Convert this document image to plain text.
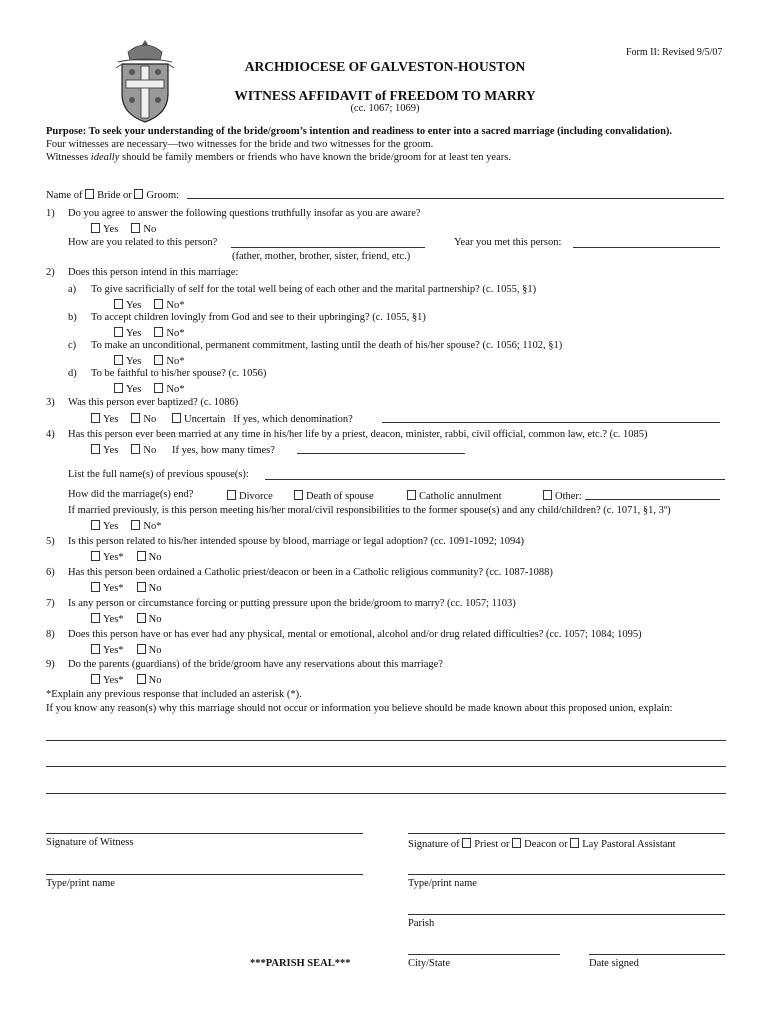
Form II: Revised 9/5/07
ARCHDIOCESE OF GALVESTON-HOUSTON
WITNESS AFFIDAVIT of FREEDOM TO MARRY
(cc. 1067; 1069)
Purpose: To seek your understanding of the bride/groom’s intention and readiness to enter into a sacred marriage (including convalidation).
Four witnesses are necessary—two witnesses for the bride and two witnesses for the groom.
Witnesses ideally should be family members or friends who have known the bride/groom for at least ten years.
Name of Bride or Groom:
1) Do you agree to answer the following questions truthfully insofar as you are aware?
Yes No
How are you related to this person?	Year you met this person:
(father, mother, brother, sister, friend, etc.)
2) Does this person intend in this marriage:
a) To give sacrificially of self for the total well being of each other and the marital partnership? (c. 1055, §1)
Yes No*
b) To accept children lovingly from God and see to their upbringing? (c. 1055, §1)
Yes No*
c) To make an unconditional, permanent commitment, lasting until the death of his/her spouse? (c. 1056; 1102, §1)
Yes No*
d) To be faithful to his/her spouse? (c. 1056)
Yes No*
3) Was this person ever baptized? (c. 1086)
Yes No	Uncertain If yes, which denomination?
4) Has this person ever been married at any time in his/her life by a priest, deacon, minister, rabbi, civil official, common law, etc.? (c. 1085)
Yes No If yes, how many times?
List the full name(s) of previous spouse(s):
How did the marriage(s) end?	Divorce	Death of spouse	Catholic annulment	Other:
If married previously, is this person meeting his/her moral/civil responsibilities to the former spouse(s) and any child/children? (c. 1071, §1, 3º)
Yes No*
5) Is this person related to his/her intended spouse by blood, marriage or legal adoption? (cc. 1091-1092; 1094)
Yes* No
6) Has this person been ordained a Catholic priest/deacon or been in a Catholic religious community? (cc. 1087-1088)
Yes* No
7) Is any person or circumstance forcing or putting pressure upon the bride/groom to marry? (cc. 1057; 1103)
Yes* No
8) Does this person have or has ever had any physical, mental or emotional, alcohol and/or drug related difficulties? (cc. 1057; 1084; 1095)
Yes* No
9) Do the parents (guardians) of the bride/groom have any reservations about this marriage?
Yes* No
*Explain any previous response that included an asterisk (*).
If you know any reason(s) why this marriage should not occur or information you believe should be made known about this proposed union, explain:
Signature of Witness	Signature of Priest or Deacon or Lay Pastoral Assistant
Type/print name	Type/print name
Parish
***PARISH SEAL***	City/State	Date signed
